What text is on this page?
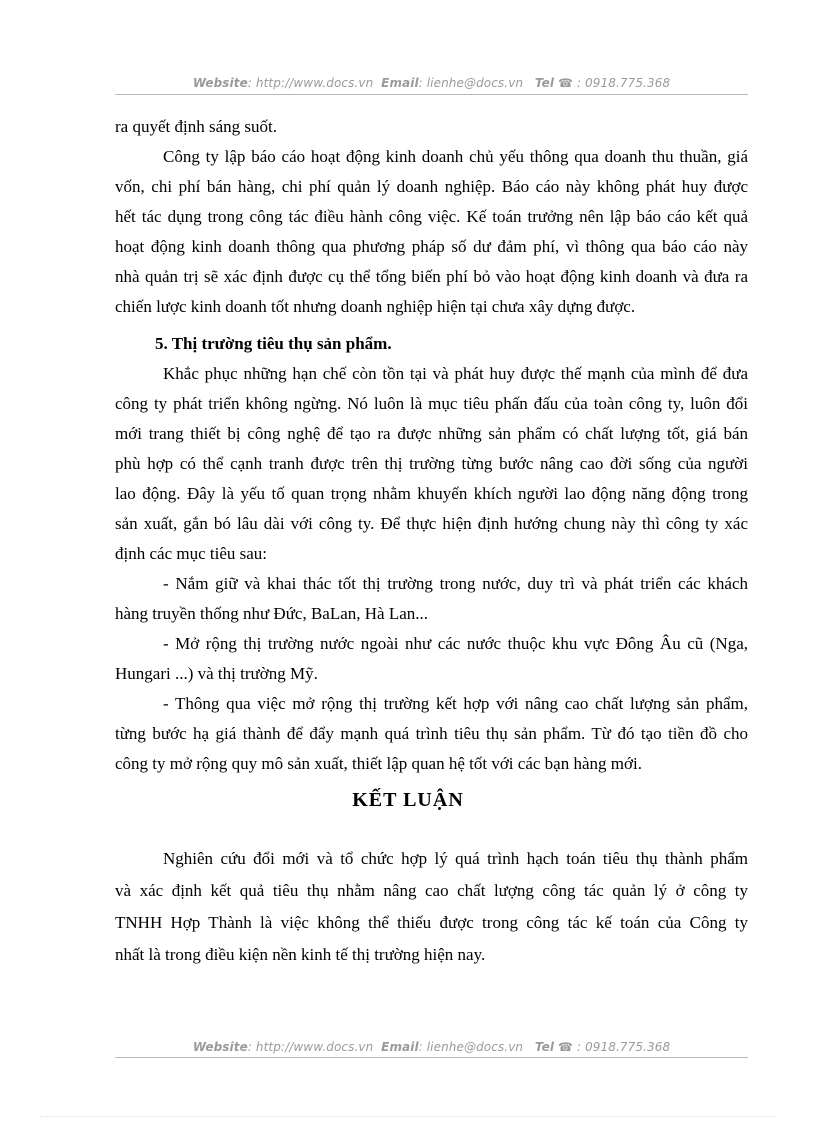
Website: http://www.docs.vn Email: lienhe@docs.vn Tel ☎ : 0918.775.368
ra quyết định sáng suốt.
Công ty lập báo cáo hoạt động kinh doanh chủ yếu thông qua doanh thu thuần, giá
vốn, chi phí bán hàng, chi phí quản lý doanh nghiệp. Báo cáo này không phát huy được
hết tác dụng trong công tác điều hành công việc. Kế toán trưởng nên lập báo cáo kết quả
hoạt động kinh doanh thông qua phương pháp số dư đảm phí, vì thông qua báo cáo này
nhà quản trị sẽ xác định được cụ thể tổng biến phí bỏ vào hoạt động kinh doanh và đưa ra
chiến lược kinh doanh tốt nhưng doanh nghiệp hiện tại chưa xây dựng được.
5. Thị trường tiêu thụ sản phẩm.
Khắc phục những hạn chế còn tồn tại và phát huy được thế mạnh của mình để đưa
công ty phát triển không ngừng. Nó luôn là mục tiêu phấn đấu của toàn công ty, luôn đổi
mới trang thiết bị công nghệ để tạo ra được những sản phẩm có chất lượng tốt, giá bán
phù hợp có thể cạnh tranh được trên thị trường từng bước nâng cao đời sống của người
lao động. Đây là yếu tố quan trọng nhằm khuyến khích người lao động năng động trong
sản xuất, gắn bó lâu dài với công ty. Để thực hiện định hướng chung này thì công ty xác
định các mục tiêu sau:
- Nắm giữ và khai thác tốt thị trường trong nước, duy trì và phát triển các khách
hàng truyền thống như Đức, BaLan, Hà Lan...
- Mở rộng thị trường nước ngoài như các nước thuộc khu vực Đông Âu cũ (Nga,
Hungari ...) và thị trường Mỹ.
- Thông qua việc mở rộng thị trường kết hợp với nâng cao chất lượng sản phẩm,
từng bước hạ giá thành để đẩy mạnh quá trình tiêu thụ sản phẩm. Từ đó tạo tiền đồ cho
công ty mở rộng quy mô sản xuất, thiết lập quan hệ tốt với các bạn hàng mới.
KẾT LUẬN
Nghiên cứu đổi mới và tổ chức hợp lý quá trình hạch toán tiêu thụ thành phẩm
và xác định kết quả tiêu thụ nhằm nâng cao chất lượng công tác quản lý ở công ty
TNHH Hợp Thành là việc không thể thiếu được trong công tác kế toán của Công ty
nhất là trong điều kiện nền kinh tế thị trường hiện nay.
Website: http://www.docs.vn Email: lienhe@docs.vn Tel ☎ : 0918.775.368
